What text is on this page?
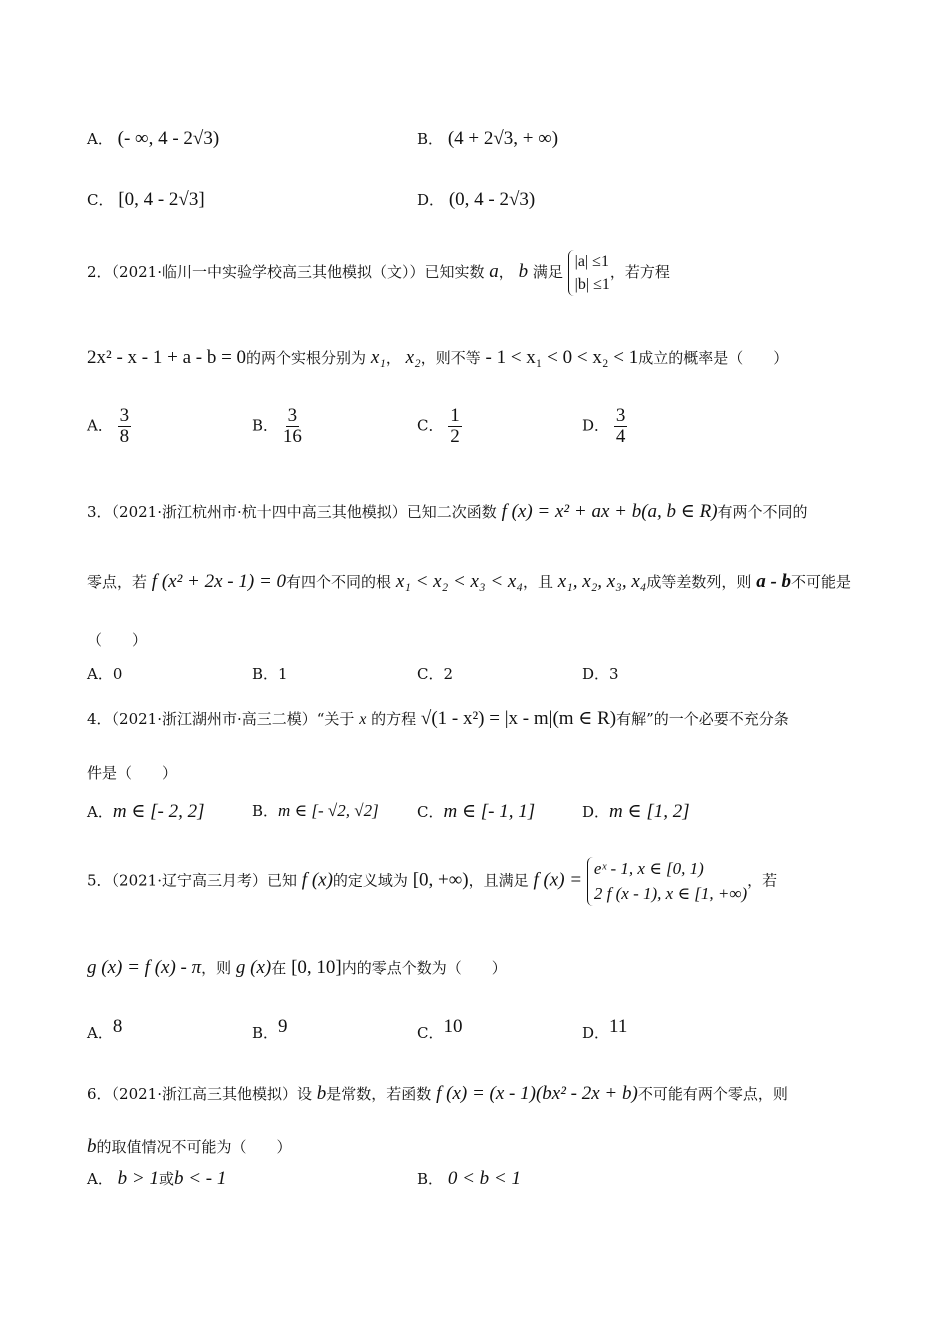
A． (- ∞, 4 - 2√3)	B． (4 + 2√3, + ∞)
C． [0, 4 - 2√3]	D． (0, 4 - 2√3)
2．（2021·临川一中实验学校高三其他模拟（文））已知实数 a， b 满足 |a| ≤1
|b| ≤1，若方程
2x² - x - 1 + a - b = 0的两个实根分别为 x₁， x₂，则不等 - 1 < x₁ < 0 < x₂ < 1成立的概率是（　　）
A． $\frac{3}{8}$	B． $\frac{3}{16}$	C． $\frac{1}{2}$	D． $\frac{3}{4}$
3．（2021·浙江杭州市·杭十四中高三其他模拟）已知二次函数 f (x) = x² + ax + b(a, b ∈ R)有两个不同的
零点，若 f (x² + 2x - 1) = 0有四个不同的根 x₁ < x₂ < x₃ < x₄，且 x₁, x₂, x₃, x₄成等差数列，则 a - b不可能是
（　　）
A．0	B．1	C．2	D．3
4．（2021·浙江湖州市·高三二模）“关于 x 的方程 √(1 - x²) = |x - m|(m ∈ R)有解”的一个必要不充分条
件是（　　）
A．m ∈ [- 2, 2]	B．m ∈ [- √2, √2]	C．m ∈ [- 1, 1]	D．m ∈ [1, 2]
5．（2021·辽宁高三月考）已知 f (x)的定义域为 [0, +∞)，且满足 f (x) = eˣ - 1, x ∈ [0, 1)
2 f (x - 1), x ∈ [1, +∞)，若
g (x) = f (x) - π，则 g (x)在 [0, 10]内的零点个数为（　　）
A．$^8$	B．$^9$	C．$^{10}$	D．$^{11}$
6．（2021·浙江高三其他模拟）设 b是常数，若函数 f (x) = (x - 1)(bx² - 2x + b)不可能有两个零点，则
b的取值情况不可能为（　　）
A． b > 1或b < - 1	B． 0 < b < 1
